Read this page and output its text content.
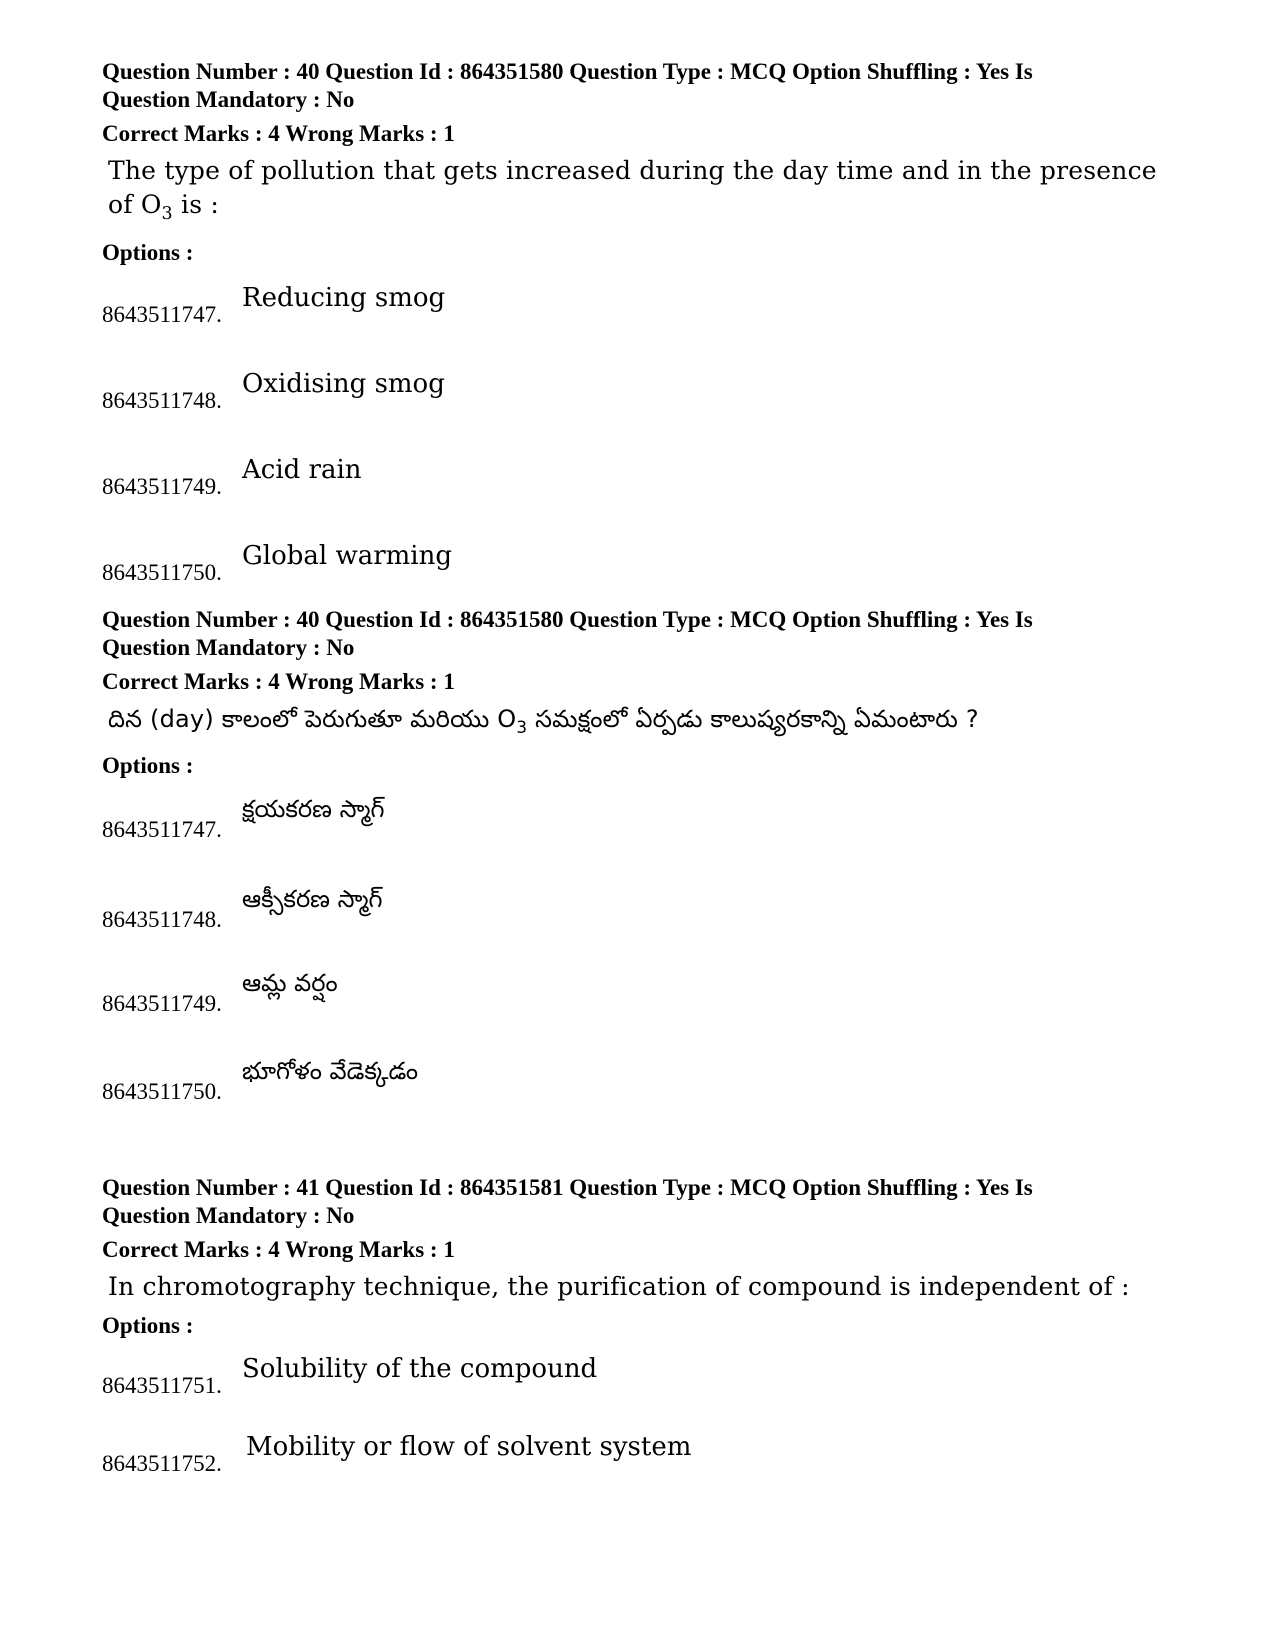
Question Number : 40 Question Id : 864351580 Question Type : MCQ Option Shuffling : Yes Is

Question Mandatory : No

Correct Marks : 4 Wrong Marks : 1

The type of pollution that gets increased during the day time and in the presence of $O_3$ is :
Options :
8643511747.
Reducing smog
8643511748.
Oxidising smog
8643511749.
Acid rain
8643511750.
Global warming

Question Number : 40 Question Id : 864351580 Question Type : MCQ Option Shuffling : Yes Is

Question Mandatory : No

Correct Marks : 4 Wrong Marks : 1

దిన (day) కాలంలో పెరుగుతూ మరియు $O_3$ సమక్షంలో ఏర్పడు కాలుష్యరకాన్ని ఏమంటారు ?
Options :
8643511747.
క్షయకరణ స్మాగ్
8643511748.
ఆక్సీకరణ స్మాగ్
8643511749.
ఆమ్ల వర్షం
8643511750.
భూగోళం వేడెక్కడం

Question Number : 41 Question Id : 864351581 Question Type : MCQ Option Shuffling : Yes Is

Question Mandatory : No

Correct Marks : 4 Wrong Marks : 1

In chromotography technique, the purification of compound is independent of :
Options :
8643511751.
Solubility of the compound
8643511752.
Mobility or flow of solvent system
